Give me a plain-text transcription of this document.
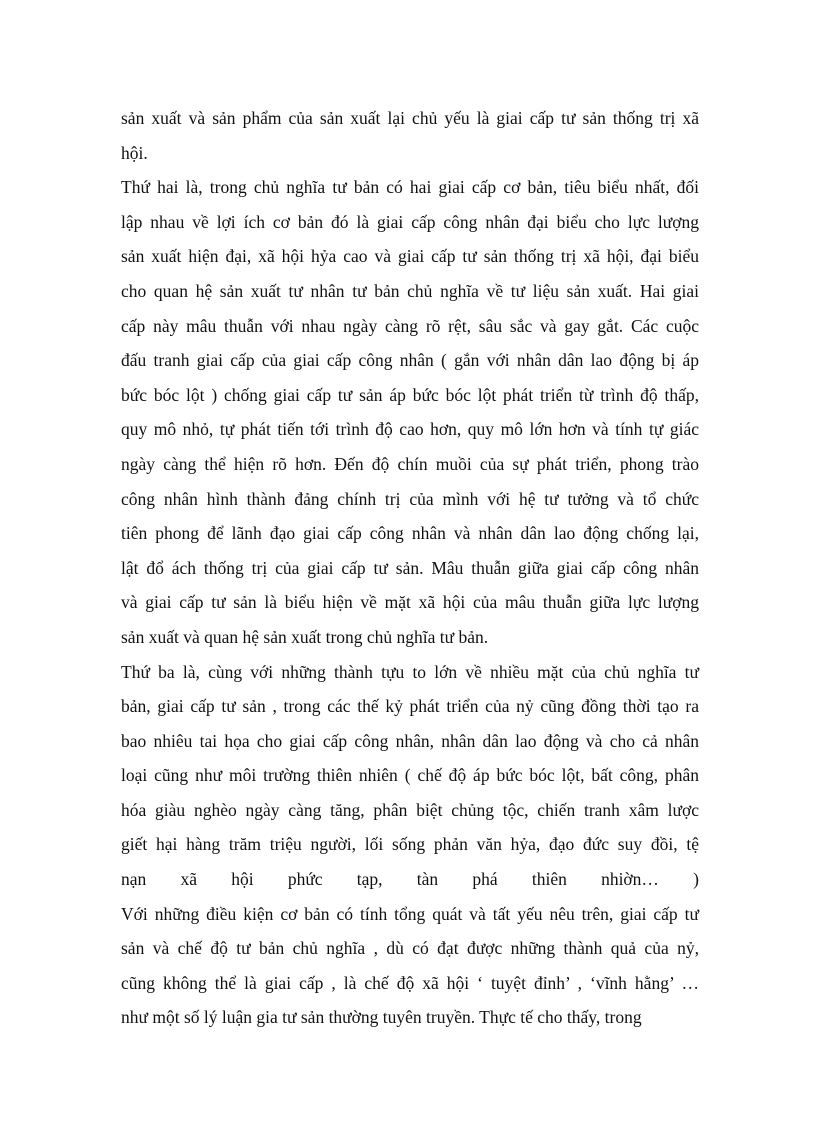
sản xuất và sản phẩm của sản xuất lại chủ yếu là giai cấp tư sản thống trị xã
hội.
Thứ hai là, trong chủ nghĩa tư bản có hai giai cấp cơ bản, tiêu biểu nhất, đối
lập nhau về lợi ích cơ bản đó là giai cấp công nhân đại biểu cho lực lượng
sản xuất hiện đại, xã hội hỷa cao và giai cấp tư sản thống trị xã hội, đại biểu
cho quan hệ sản xuất tư nhân tư bản chủ nghĩa về tư liệu sản xuất. Hai giai
cấp này mâu thuẫn với nhau ngày càng rõ rệt, sâu sắc và gay gắt. Các cuộc
đấu tranh giai cấp của giai cấp công nhân ( gắn với nhân dân lao động bị áp
bức bóc lột ) chống giai cấp tư sản áp bức bóc lột phát triển từ trình độ thấp,
quy mô nhỏ, tự phát tiến tới trình độ cao hơn, quy mô lớn hơn và tính tự giác
ngày càng thể hiện rõ hơn. Đến độ chín muồi của sự phát triển, phong trào
công nhân hình thành đảng chính trị của mình với hệ tư tưởng và tổ chức
tiên phong để lãnh đạo giai cấp công nhân và nhân dân lao động chống lại,
lật đổ ách thống trị của giai cấp tư sản. Mâu thuẫn giữa giai cấp công nhân
và giai cấp tư sản là biểu hiện về mặt xã hội của mâu thuẫn giữa lực lượng
sản xuất và quan hệ sản xuất trong chủ nghĩa tư bản.
Thứ ba là, cùng với những thành tựu to lớn về nhiều mặt của chủ nghĩa tư
bản, giai cấp tư sản , trong các thế kỷ phát triển của nỷ cũng đồng thời tạo ra
bao nhiêu tai họa cho giai cấp công nhân, nhân dân lao động và cho cả nhân
loại cũng như môi trường thiên nhiên ( chế độ áp bức bóc lột, bất công, phân
hóa giàu nghèo ngày càng tăng, phân biệt chủng tộc, chiến tranh xâm lược
giết hại hàng trăm triệu người, lối sống phản văn hỷa, đạo đức suy đồi, tệ
nạn xã hội phức tạp, tàn phá thiên nhiờn… )
Với những điều kiện cơ bản có tính tổng quát và tất yếu nêu trên, giai cấp tư
sản và chế độ tư bản chủ nghĩa , dù có đạt được những thành quả của nỷ,
cũng không thể là giai cấp , là chế độ xã hội ‘ tuyệt đỉnh’ , ‘vĩnh hằng’ …
như một số lý luận gia tư sản thường tuyên truyền. Thực tế cho thấy, trong
